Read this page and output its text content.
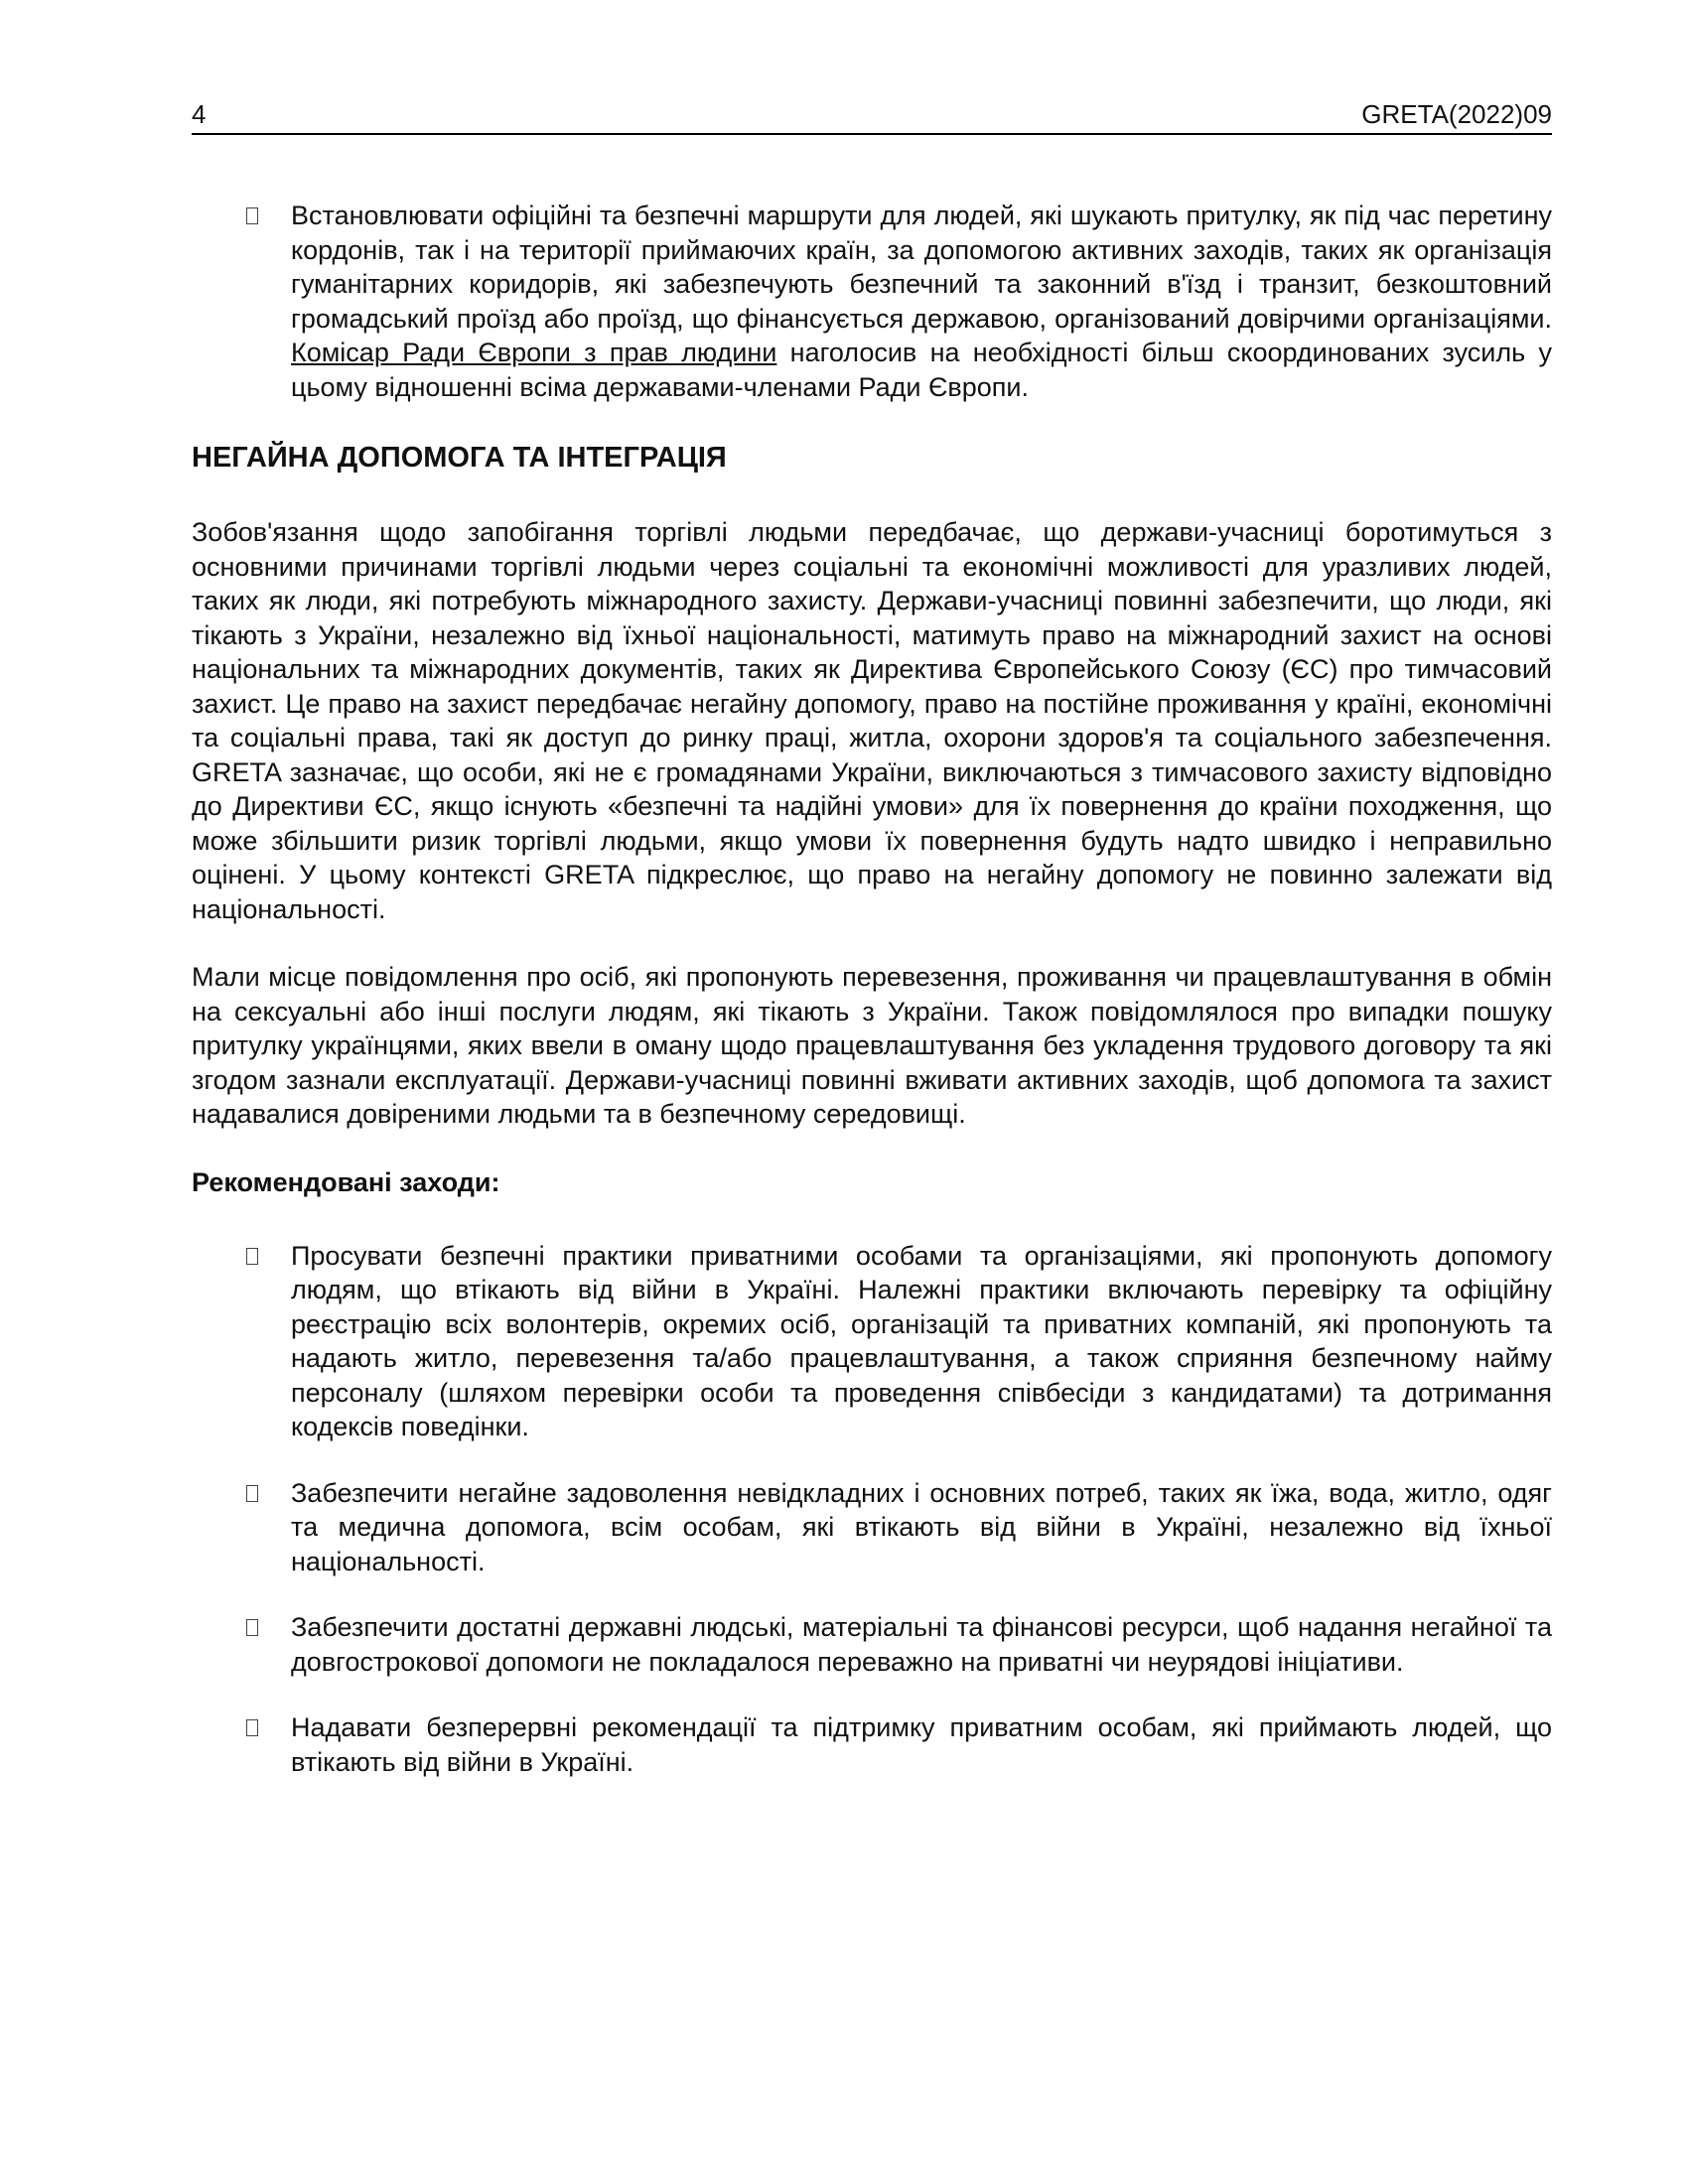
4	GRETA(2022)09
Встановлювати офіційні та безпечні маршрути для людей, які шукають притулку, як під час перетину кордонів, так і на території приймаючих країн, за допомогою активних заходів, таких як організація гуманітарних коридорів, які забезпечують безпечний та законний в'їзд і транзит, безкоштовний громадський проїзд або проїзд, що фінансується державою, організований довірчими організаціями. Комісар Ради Європи з прав людини наголосив на необхідності більш скоординованих зусиль у цьому відношенні всіма державами-членами Ради Європи.
НЕГАЙНА ДОПОМОГА ТА ІНТЕГРАЦІЯ

Зобов'язання щодо запобігання торгівлі людьми передбачає, що держави-учасниці боротимуться з основними причинами торгівлі людьми через соціальні та економічні можливості для уразливих людей, таких як люди, які потребують міжнародного захисту. Держави-учасниці повинні забезпечити, що люди, які тікають з України, незалежно від їхньої національності, матимуть право на міжнародний захист на основі національних та міжнародних документів, таких як Директива Європейського Союзу (ЄС) про тимчасовий захист. Це право на захист передбачає негайну допомогу, право на постійне проживання у країні, економічні та соціальні права, такі як доступ до ринку праці, житла, охорони здоров'я та соціального забезпечення. GRETA зазначає, що особи, які не є громадянами України, виключаються з тимчасового захисту відповідно до Директиви ЄС, якщо існують «безпечні та надійні умови» для їх повернення до країни походження, що може збільшити ризик торгівлі людьми, якщо умови їх повернення будуть надто швидко і неправильно оцінені. У цьому контексті GRETA підкреслює, що право на негайну допомогу не повинно залежати від національності.

Мали місце повідомлення про осіб, які пропонують перевезення, проживання чи працевлаштування в обмін на сексуальні або інші послуги людям, які тікають з України. Також повідомлялося про випадки пошуку притулку українцями, яких ввели в оману щодо працевлаштування без укладення трудового договору та які згодом зазнали експлуатації. Держави-учасниці повинні вживати активних заходів, щоб допомога та захист надавалися довіреними людьми та в безпечному середовищі.

Рекомендовані заходи:
Просувати безпечні практики приватними особами та організаціями, які пропонують допомогу людям, що втікають від війни в Україні. Належні практики включають перевірку та офіційну реєстрацію всіх волонтерів, окремих осіб, організацій та приватних компаній, які пропонують та надають житло, перевезення та/або працевлаштування, а також сприяння безпечному найму персоналу (шляхом перевірки особи та проведення співбесіди з кандидатами) та дотримання кодексів поведінки.
Забезпечити негайне задоволення невідкладних і основних потреб, таких як їжа, вода, житло, одяг та медична допомога, всім особам, які втікають від війни в Україні, незалежно від їхньої національності.
Забезпечити достатні державні людські, матеріальні та фінансові ресурси, щоб надання негайної та довгострокової допомоги не покладалося переважно на приватні чи неурядові ініціативи.
Надавати безперервні рекомендації та підтримку приватним особам, які приймають людей, що втікають від війни в Україні.
